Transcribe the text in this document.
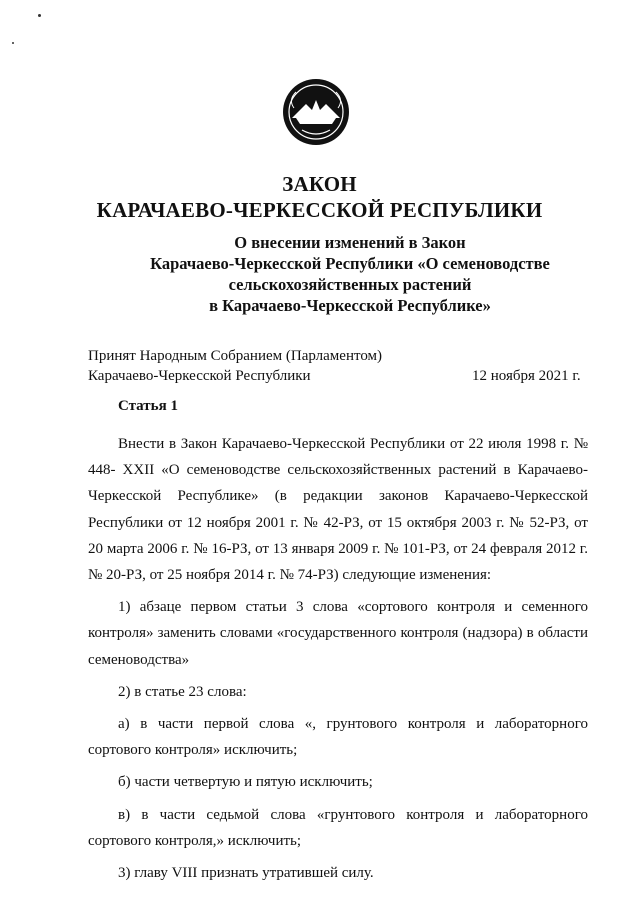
ЗАКОН
КАРАЧАЕВО-ЧЕРКЕССКОЙ РЕСПУБЛИКИ
О внесении изменений в Закон
Карачаево-Черкесской Республики «О семеноводстве
сельскохозяйственных растений
в Карачаево-Черкесской Республике»
Принят Народным Собранием (Парламентом)
Карачаево-Черкесской Республики	12 ноября 2021 г.
Статья 1

Внести в Закон Карачаево-Черкесской Республики от 22 июля 1998 г. № 448- XXII «О семеноводстве сельскохозяйственных растений в Карачаево-Черкесской Республике» (в редакции законов Карачаево-Черкесской Республики от 12 ноября 2001 г. № 42-РЗ, от 15 октября 2003 г. № 52-РЗ, от 20 марта 2006 г. № 16-РЗ, от 13 января 2009 г. № 101-РЗ, от 24 февраля 2012 г. № 20-РЗ, от 25 ноября 2014 г. № 74-РЗ) следующие изменения:

1) абзаце первом статьи 3 слова «сортового контроля и семенного контроля» заменить словами «государственного контроля (надзора) в области семеноводства»

2) в статье 23 слова:

а) в части первой слова «, грунтового контроля и лабораторного сортового контроля» исключить;

б) части четвертую и пятую исключить;

в) в части седьмой слова «грунтового контроля и лабораторного сортового контроля,» исключить;

3) главу VIII признать утратившей силу.
